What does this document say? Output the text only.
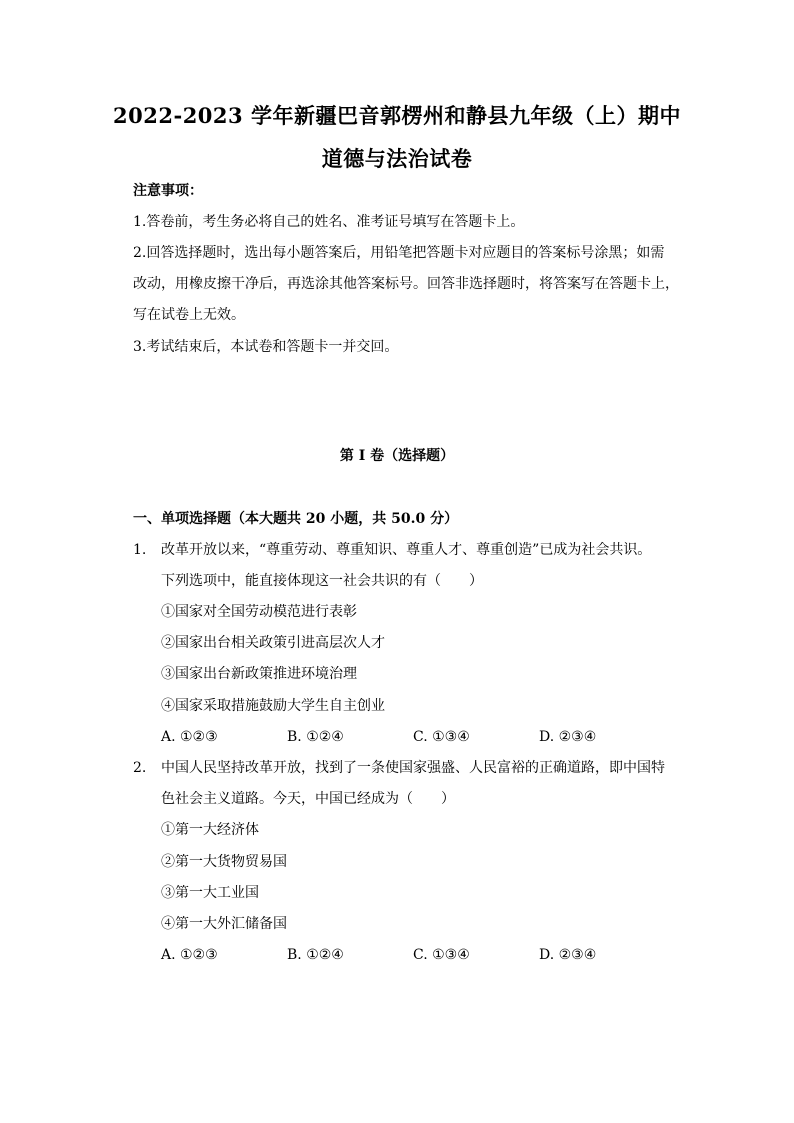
2022-2023 学年新疆巴音郭楞州和静县九年级（上）期中
道德与法治试卷
注意事项：
1.答卷前，考生务必将自己的姓名、准考证号填写在答题卡上。
2.回答选择题时，选出每小题答案后，用铅笔把答题卡对应题目的答案标号涂黑；如需
改动，用橡皮擦干净后，再选涂其他答案标号。回答非选择题时，将答案写在答题卡上，
写在试卷上无效。
3.考试结束后，本试卷和答题卡一并交回。
第 I 卷（选择题）
一、单项选择题（本大题共 20 小题，共 50.0 分）
1. 改革开放以来，“尊重劳动、尊重知识、尊重人才、尊重创造”已成为社会共识。
下列选项中，能直接体现这一社会共识的有（　　）
①国家对全国劳动模范进行表彰
②国家出台相关政策引进高层次人才
③国家出台新政策推进环境治理
④国家采取措施鼓励大学生自主创业
A. ①②③	B. ①②④	C. ①③④	D. ②③④
2. 中国人民坚持改革开放，找到了一条使国家强盛、人民富裕的正确道路，即中国特
色社会主义道路。今天，中国已经成为（　　）
①第一大经济体
②第一大货物贸易国
③第一大工业国
④第一大外汇储备国
A. ①②③	B. ①②④	C. ①③④	D. ②③④
